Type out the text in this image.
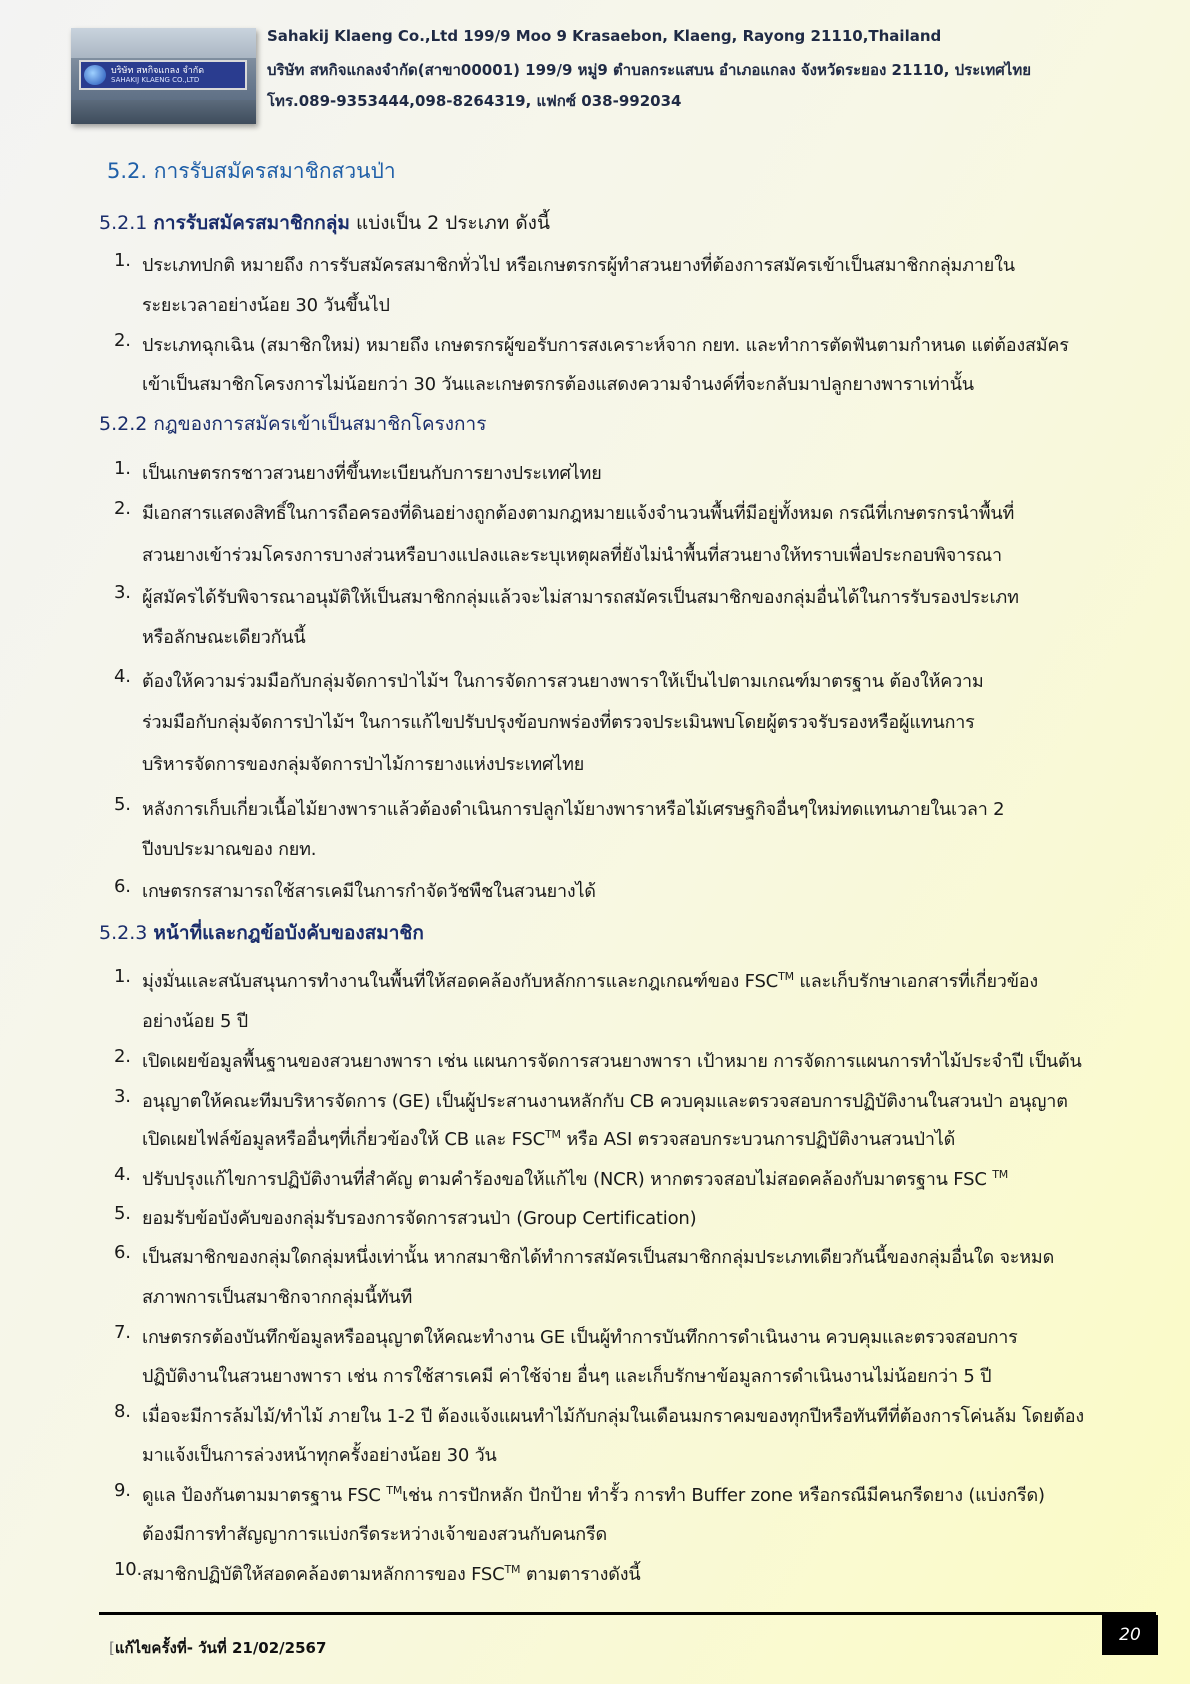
บริษัท สหกิจแกลง จำกัด
SAHAKIJ KLAENG CO.,LTD
Sahakij Klaeng Co.,Ltd 199/9 Moo 9 Krasaebon, Klaeng, Rayong 21110,Thailand
บริษัท สหกิจแกลงจำกัด(สาขา00001) 199/9 หมู่9 ตำบลกระแสบน อำเภอแกลง จังหวัดระยอง 21110, ประเทศไทย
โทร.089-9353444,098-8264319, แฟกซ์ 038-992034
5.2. การรับสมัครสมาชิกสวนป่า
5.2.1 การรับสมัครสมาชิกกลุ่ม แบ่งเป็น 2 ประเภท ดังนี้
1. ประเภทปกติ หมายถึง การรับสมัครสมาชิกทั่วไป หรือเกษตรกรผู้ทำสวนยางที่ต้องการสมัครเข้าเป็นสมาชิกกลุ่มภายใน
ระยะเวลาอย่างน้อย 30 วันขึ้นไป
2. ประเภทฉุกเฉิน (สมาชิกใหม่) หมายถึง เกษตรกรผู้ขอรับการสงเคราะห์จาก กยท. และทำการตัดฟันตามกำหนด แต่ต้องสมัคร
เข้าเป็นสมาชิกโครงการไม่น้อยกว่า 30 วันและเกษตรกรต้องแสดงความจำนงค์ที่จะกลับมาปลูกยางพาราเท่านั้น
5.2.2 กฎของการสมัครเข้าเป็นสมาชิกโครงการ
1. เป็นเกษตรกรชาวสวนยางที่ขึ้นทะเบียนกับการยางประเทศไทย
2. มีเอกสารแสดงสิทธิ์ในการถือครองที่ดินอย่างถูกต้องตามกฎหมายแจ้งจำนวนพื้นที่มีอยู่ทั้งหมด กรณีที่เกษตรกรนำพื้นที่
สวนยางเข้าร่วมโครงการบางส่วนหรือบางแปลงและระบุเหตุผลที่ยังไม่นำพื้นที่สวนยางให้ทราบเพื่อประกอบพิจารณา
3. ผู้สมัครได้รับพิจารณาอนุมัติให้เป็นสมาชิกกลุ่มแล้วจะไม่สามารถสมัครเป็นสมาชิกของกลุ่มอื่นได้ในการรับรองประเภท
หรือลักษณะเดียวกันนี้
4. ต้องให้ความร่วมมือกับกลุ่มจัดการป่าไม้ฯ ในการจัดการสวนยางพาราให้เป็นไปตามเกณฑ์มาตรฐาน ต้องให้ความ
ร่วมมือกับกลุ่มจัดการป่าไม้ฯ ในการแก้ไขปรับปรุงข้อบกพร่องที่ตรวจประเมินพบโดยผู้ตรวจรับรองหรือผู้แทนการ
บริหารจัดการของกลุ่มจัดการป่าไม้การยางแห่งประเทศไทย
5. หลังการเก็บเกี่ยวเนื้อไม้ยางพาราแล้วต้องดำเนินการปลูกไม้ยางพาราหรือไม้เศรษฐกิจอื่นๆใหม่ทดแทนภายในเวลา 2
ปีงบประมาณของ กยท.
6. เกษตรกรสามารถใช้สารเคมีในการกำจัดวัชพืชในสวนยางได้
5.2.3 หน้าที่และกฎข้อบังคับของสมาชิก
1. มุ่งมั่นและสนับสนุนการทำงานในพื้นที่ให้สอดคล้องกับหลักการและกฎเกณฑ์ของ FSC™ และเก็บรักษาเอกสารที่เกี่ยวข้อง
อย่างน้อย 5 ปี
2. เปิดเผยข้อมูลพื้นฐานของสวนยางพารา เช่น แผนการจัดการสวนยางพารา เป้าหมาย การจัดการแผนการทำไม้ประจำปี เป็นต้น
3. อนุญาตให้คณะทีมบริหารจัดการ (GE) เป็นผู้ประสานงานหลักกับ CB ควบคุมและตรวจสอบการปฏิบัติงานในสวนป่า อนุญาต
เปิดเผยไฟล์ข้อมูลหรืออื่นๆที่เกี่ยวข้องให้ CB และ FSC™ หรือ ASI ตรวจสอบกระบวนการปฏิบัติงานสวนป่าได้
4. ปรับปรุงแก้ไขการปฏิบัติงานที่สำคัญ ตามคำร้องขอให้แก้ไข (NCR) หากตรวจสอบไม่สอดคล้องกับมาตรฐาน FSC ™
5. ยอมรับข้อบังคับของกลุ่มรับรองการจัดการสวนป่า (Group Certification)
6. เป็นสมาชิกของกลุ่มใดกลุ่มหนึ่งเท่านั้น หากสมาชิกได้ทำการสมัครเป็นสมาชิกกลุ่มประเภทเดียวกันนี้ของกลุ่มอื่นใด จะหมด
สภาพการเป็นสมาชิกจากกลุ่มนี้ทันที
7. เกษตรกรต้องบันทึกข้อมูลหรืออนุญาตให้คณะทำงาน GE เป็นผู้ทำการบันทึกการดำเนินงาน ควบคุมและตรวจสอบการ
ปฏิบัติงานในสวนยางพารา เช่น การใช้สารเคมี ค่าใช้จ่าย อื่นๆ และเก็บรักษาข้อมูลการดำเนินงานไม่น้อยกว่า 5 ปี
8. เมื่อจะมีการล้มไม้/ทำไม้ ภายใน 1-2 ปี ต้องแจ้งแผนทำไม้กับกลุ่มในเดือนมกราคมของทุกปีหรือทันทีที่ต้องการโค่นล้ม โดยต้อง
มาแจ้งเป็นการล่วงหน้าทุกครั้งอย่างน้อย 30 วัน
9. ดูแล ป้องกันตามมาตรฐาน FSC ™เช่น การปักหลัก ปักป้าย ทำรั้ว การทำ Buffer zone หรือกรณีมีคนกรีดยาง (แบ่งกรีด)
ต้องมีการทำสัญญาการแบ่งกรีดระหว่างเจ้าของสวนกับคนกรีด
10. สมาชิกปฏิบัติให้สอดคล้องตามหลักการของ FSC™ ตามตารางดังนี้
[แก้ไขครั้งที่- วันที่ 21/02/2567
20
